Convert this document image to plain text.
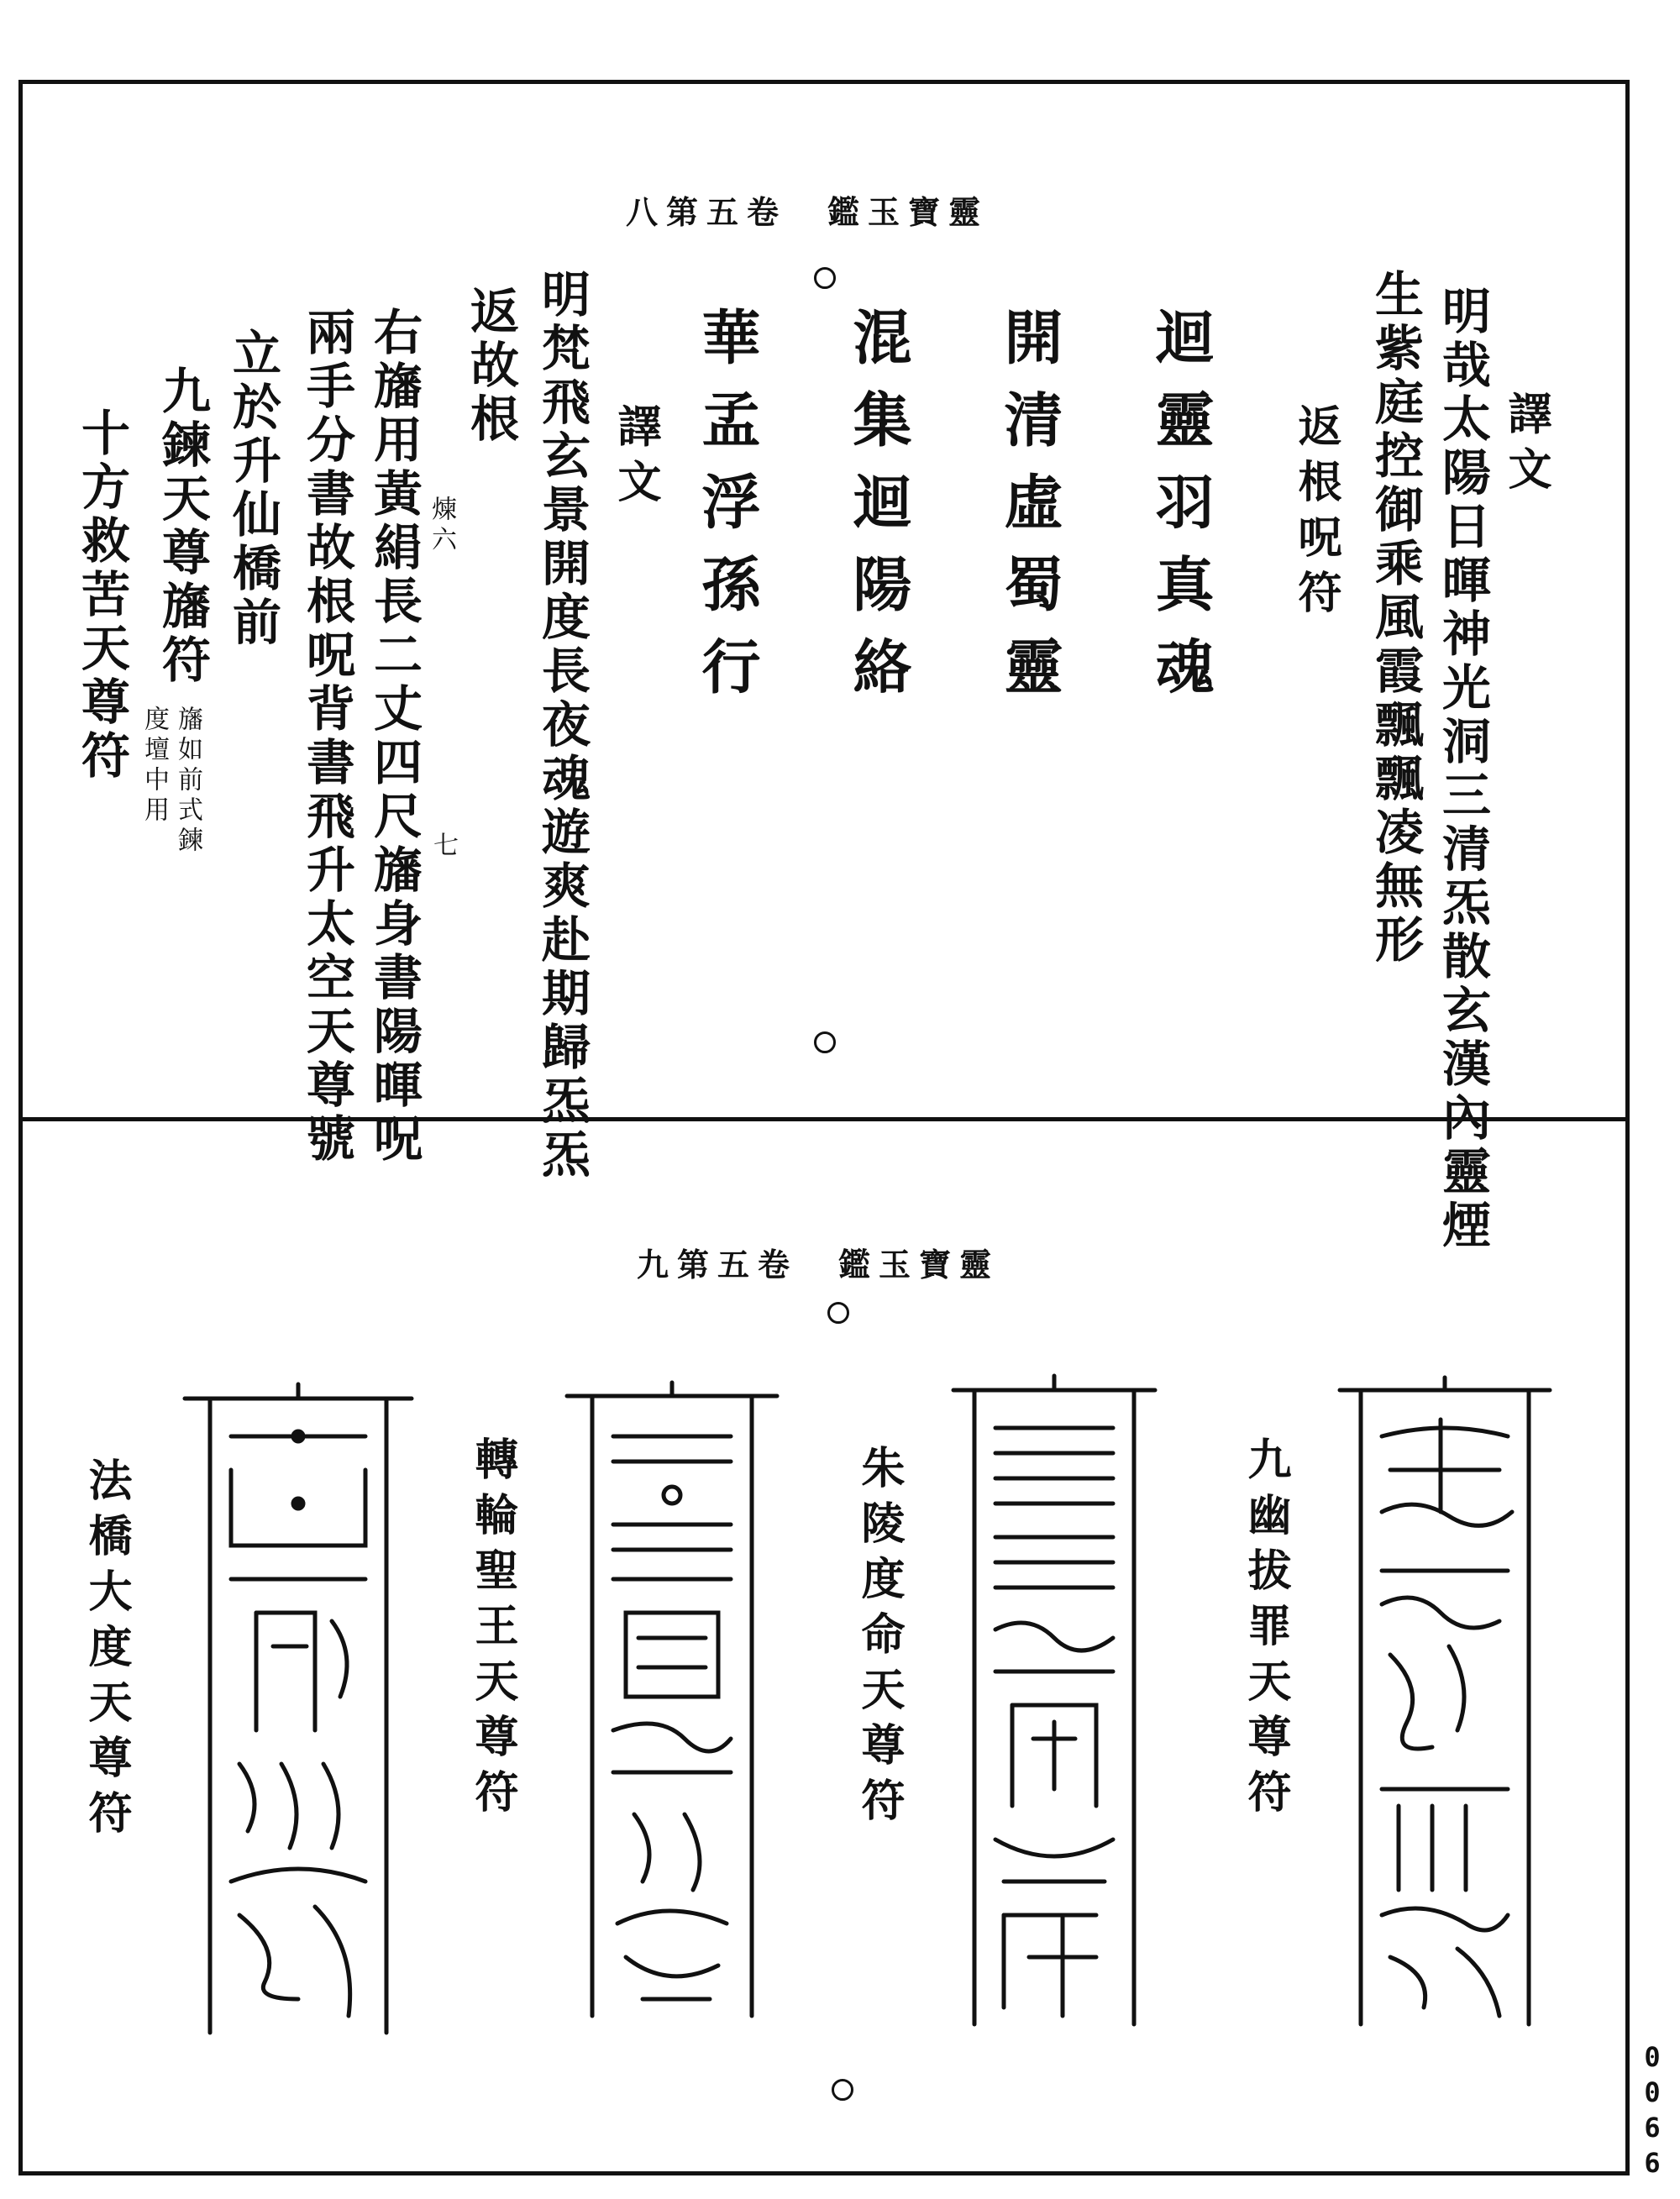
八第五卷　鑑玉寶靈
譯文
明哉太陽日暉神光洞三清炁散玄漢內靈煙
生紫庭控御乘風霞飄飄凌無形
返根呪符
迴靈羽真魂
開清虛蜀靈
混集迴陽絡
華孟浮孫行
譯文
明梵飛玄景開度長夜魂遊爽赴期歸炁炁
返故根
右旛用黃絹長二丈四尺旛身書陽暉呪 煉六
七
兩手分書故根呪背書飛升太空天尊號
立於升仙橋前
九鍊天尊旛符
旛如前式鍊
度壇中用
十方救苦天尊符
九第五卷　鑑玉寶靈
九幽拔罪天尊符
朱陵度命天尊符
轉輪聖王天尊符
法橋大度天尊符
0066
